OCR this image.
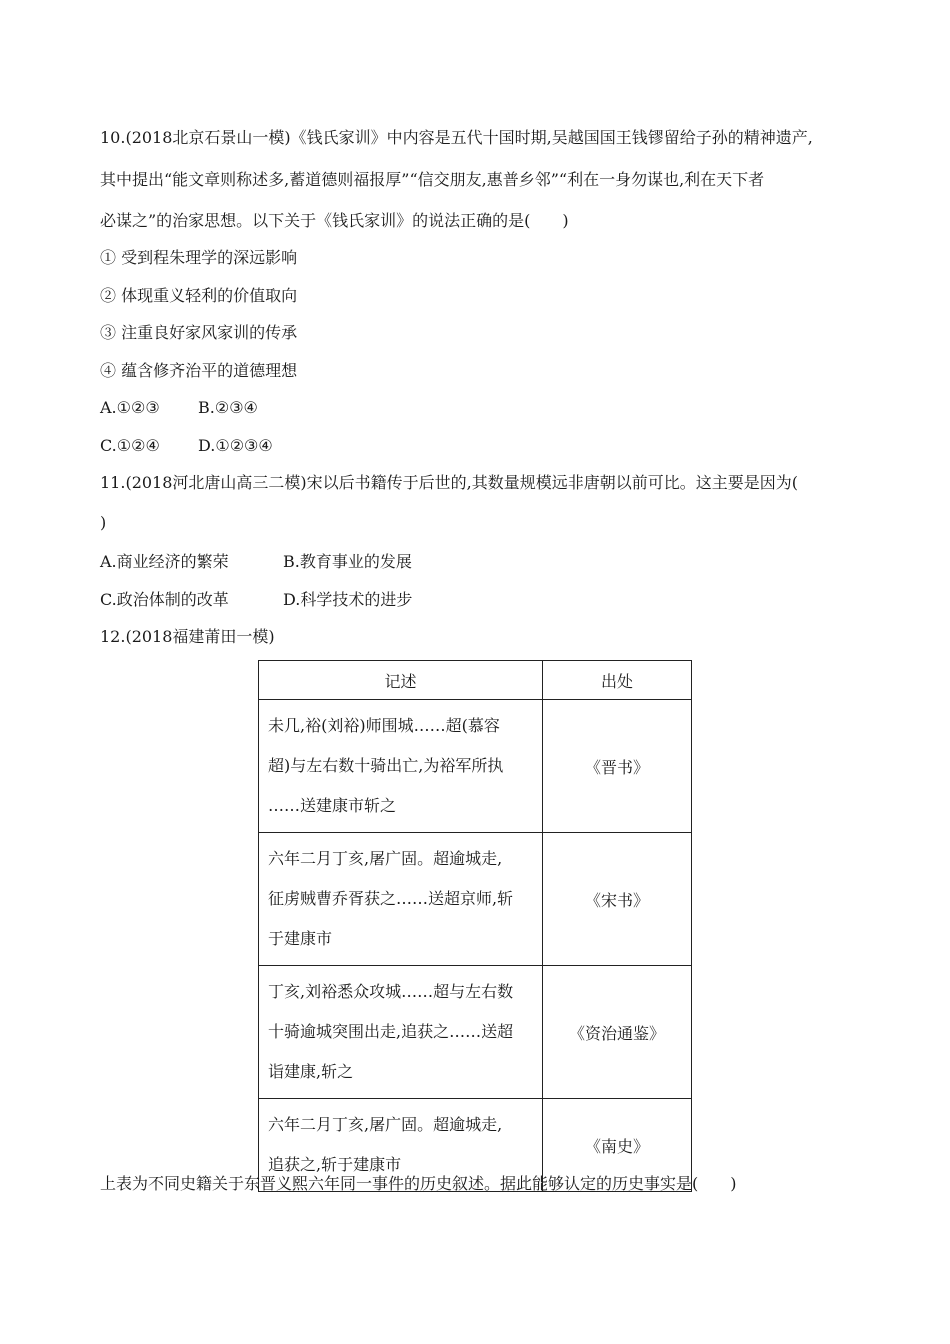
10.(2018北京石景山一模)《钱氏家训》中内容是五代十国时期,吴越国国王钱镠留给子孙的精神遗产,
其中提出“能文章则称述多,蓄道德则福报厚”“信交朋友,惠普乡邻”“利在一身勿谋也,利在天下者
必谋之”的治家思想。以下关于《钱氏家训》的说法正确的是(　　)
① 受到程朱理学的深远影响
② 体现重义轻利的价值取向
③ 注重良好家风家训的传承
④ 蕴含修齐治平的道德理想
A.①②③ B.②③④
C.①②④ D.①②③④
11.(2018河北唐山高三二模)宋以后书籍传于后世的,其数量规模远非唐朝以前可比。这主要是因为(
)
A.商业经济的繁荣	B.教育事业的发展
C.政治体制的改革	D.科学技术的进步
12.(2018福建莆田一模)
记述	出处

未几,裕(刘裕)师围城……超(慕容
超)与左右数十骑出亡,为裕军所执
……送建康市斩之	《晋书》

六年二月丁亥,屠广固。超逾城走,
征虏贼曹乔胥获之……送超京师,斩
于建康市	《宋书》

丁亥,刘裕悉众攻城……超与左右数
十骑逾城突围出走,追获之……送超
诣建康,斩之	《资治通鉴》

六年二月丁亥,屠广固。超逾城走,
追获之,斩于建康市	《南史》
上表为不同史籍关于东晋义熙六年同一事件的历史叙述。据此能够认定的历史事实是(　　)
